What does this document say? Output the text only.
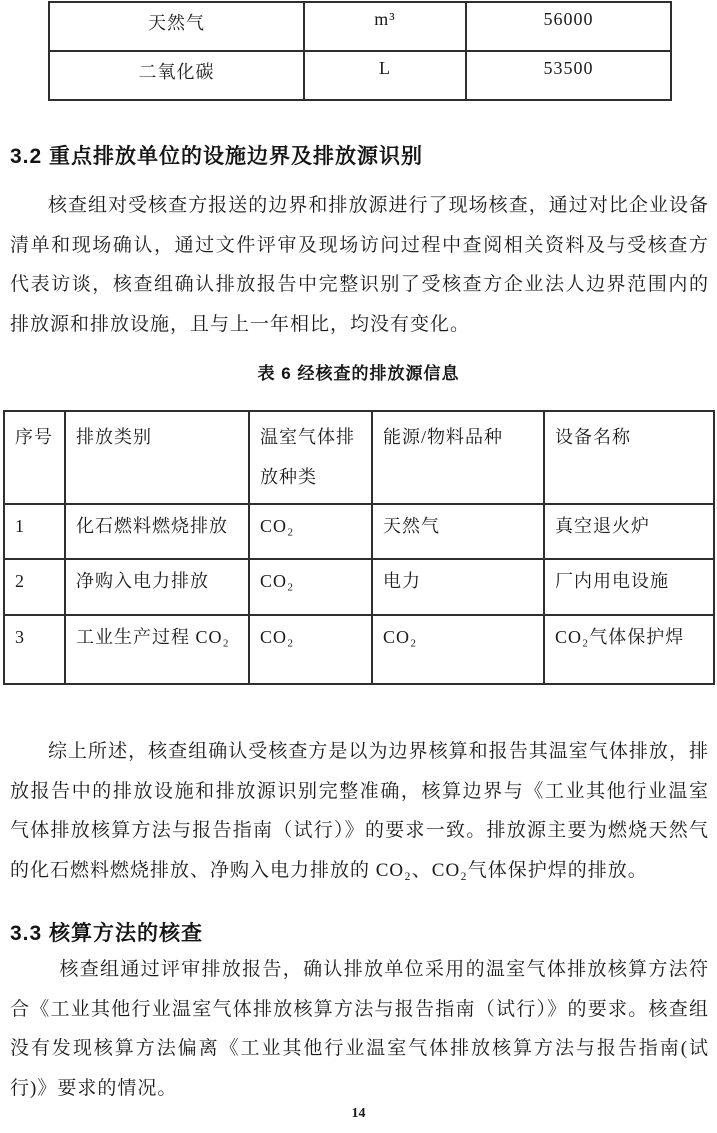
天然气	m³	56000
二氧化碳	L	53500
3.2 重点排放单位的设施边界及排放源识别

核查组对受核查方报送的边界和排放源进行了现场核查，通过对比企业设备清单和现场确认，通过文件评审及现场访问过程中查阅相关资料及与受核查方代表访谈，核查组确认排放报告中完整识别了受核查方企业法人边界范围内的排放源和排放设施，且与上一年相比，均没有变化。

表 6 经核查的排放源信息
序号	排放类别	温室气体排放种类	能源/物料品种	设备名称
1	化石燃料燃烧排放	CO₂	天然气	真空退火炉
2	净购入电力排放	CO₂	电力	厂内用电设施
3	工业生产过程 CO₂	CO₂	CO₂	CO₂气体保护焊

综上所述，核查组确认受核查方是以为边界核算和报告其温室气体排放，排放报告中的排放设施和排放源识别完整准确，核算边界与《工业其他行业温室气体排放核算方法与报告指南（试行）》的要求一致。排放源主要为燃烧天然气的化石燃料燃烧排放、净购入电力排放的 CO₂、CO₂气体保护焊的排放。

3.3 核算方法的核查

核查组通过评审排放报告，确认排放单位采用的温室气体排放核算方法符合《工业其他行业温室气体排放核算方法与报告指南（试行）》的要求。核查组没有发现核算方法偏离《工业其他行业温室气体排放核算方法与报告指南(试行)》要求的情况。

14
